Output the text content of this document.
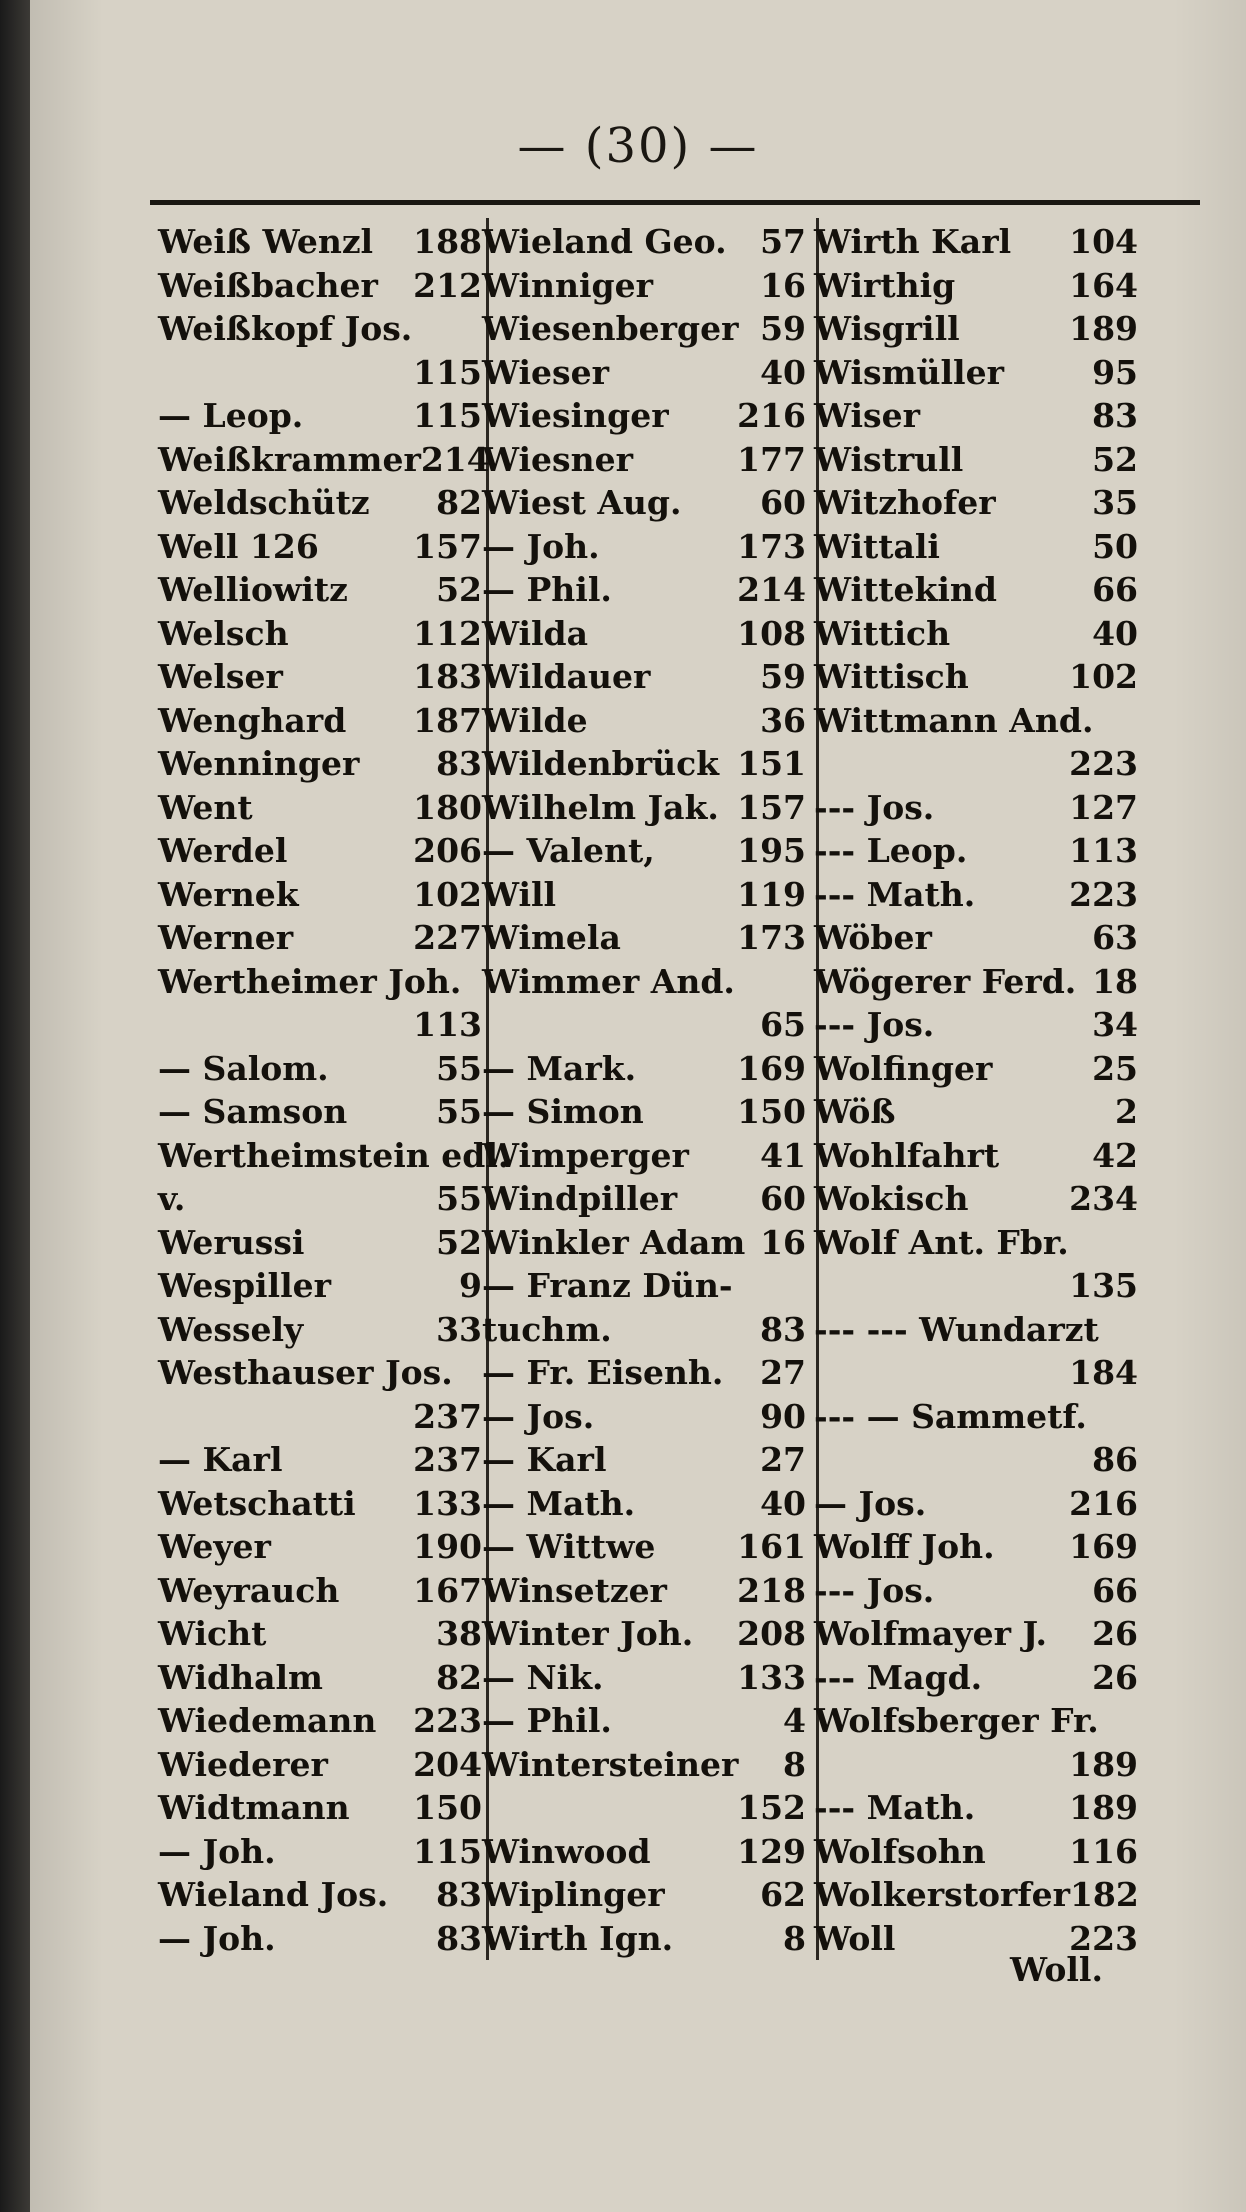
— (30) —
Weiß Wenzl 188
Weißbacher 212
Weißkopf Jos.
115
— Leop.	115
Weißkrammer 214
Weldschütz 82
Well 126	157
Welliowitz	52
Welsch	112
Welser	183
Wenghard 187
Wenninger 83
Went	180
Werdel	206
Wernek	102
Werner	227
Wertheimer Joh.
113
— Salom.	55
— Samson	55
Wertheimstein edl.
v.	55
Werussi	52
Wespiller	9
Wessely	33
Westhauser Jos.
237
— Karl	237
Wetschatti 133
Weyer	190
Weyrauch 167
Wicht	38
Widhalm	82
Wiedemann 223
Wiederer	204
Widtmann 150
— Joh.	115
Wieland Jos. 83
— Joh.	83
Wieland Geo. 57
Winniger	16
Wiesenberger 59
Wieser	40
Wiesinger 216
Wiesner	177
Wiest Aug. 60
— Joh.	173
— Phil.	214
Wilda	108
Wildauer	59
Wilde	36
Wildenbrück 151
Wilhelm Jak. 157
— Valent, 195
Will	119
Wimela	173
Wimmer And.
65
— Mark.	169
— Simon	150
Wimperger 41
Windpiller	60
Winkler Adam 16
— Franz Dün-
tuchm.	83
— Fr. Eisenh. 27
— Jos.	90
— Karl	27
— Math.	40
— Wittwe 161
Winsetzer 218
Winter Joh. 208
— Nik.	133
— Phil.	4
Wintersteiner 8
152
Winwood	129
Wiplinger	62
Wirth Ign.	8
Wirth Karl 104
Wirthig	164
Wisgrill	189
Wismüller	95
Wiser	83
Wistrull	52
Witzhofer	35
Wittali	50
Wittekind	66
Wittich	40
Wittisch	102
Wittmann And.
223
--- Jos.	127
--- Leop.	113
--- Math.	223
Wöber	63
Wögerer Ferd. 18
--- Jos.	34
Wolfinger	25
Wöß	2
Wohlfahrt	42
Wokisch	234
Wolf Ant. Fbr.
135
--- --- Wundarzt
184
--- — Sammetf.
86
— Jos.	216
Wolff Joh. 169
--- Jos.	66
Wolfmayer J. 26
--- Magd.	26
Wolfsberger Fr.
189
--- Math.	189
Wolfsohn	116
Wolkerstorfer 182
Woll	223
Woll.
